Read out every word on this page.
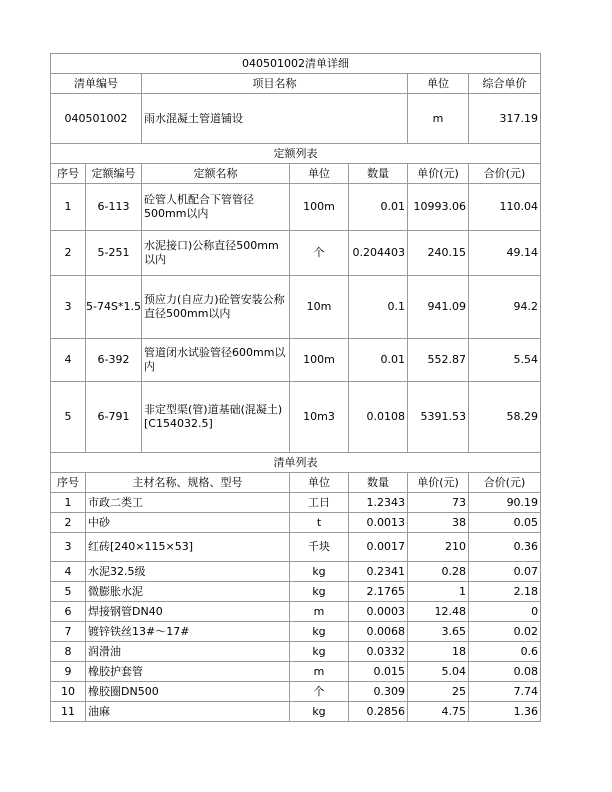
040501002清单详细			
清单编号	项目名称	单位	综合单价
040501002	雨水混凝土管道铺设	m	317.19
定额列表						
序号	定额编号	定额名称	单位	数量	单价(元)	合价(元)
1	6-113	砼管人机配合下管管径500mm以内	100m	0.01	10993.06	110.04
2	5-251	水泥接口)公称直径500mm以内	个	0.204403	240.15	49.14
3	5-74S*1.5	预应力(自应力)砼管安装公称直径500mm以内	10m	0.1	941.09	94.2
4	6-392	管道闭水试验管径600mm以内	100m	0.01	552.87	5.54
5	6-791	非定型渠(管)道基础(混凝土)[C154032.5]	10m3	0.0108	5391.53	58.29
清单列表					
序号	主材名称、规格、型号	单位	数量	单价(元)	合价(元)
1	市政二类工	工日	1.2343	73	90.19
2	中砂	t	0.0013	38	0.05
3	红砖[240×115×53]	千块	0.0017	210	0.36
4	水泥32.5级	kg	0.2341	0.28	0.07
5	微膨胀水泥	kg	2.1765	1	2.18
6	焊接钢管DN40	m	0.0003	12.48	0
7	镀锌铁丝13#～17#	kg	0.0068	3.65	0.02
8	润滑油	kg	0.0332	18	0.6
9	橡胶护套管	m	0.015	5.04	0.08
10	橡胶圈DN500	个	0.309	25	7.74
11	油麻	kg	0.2856	4.75	1.36
